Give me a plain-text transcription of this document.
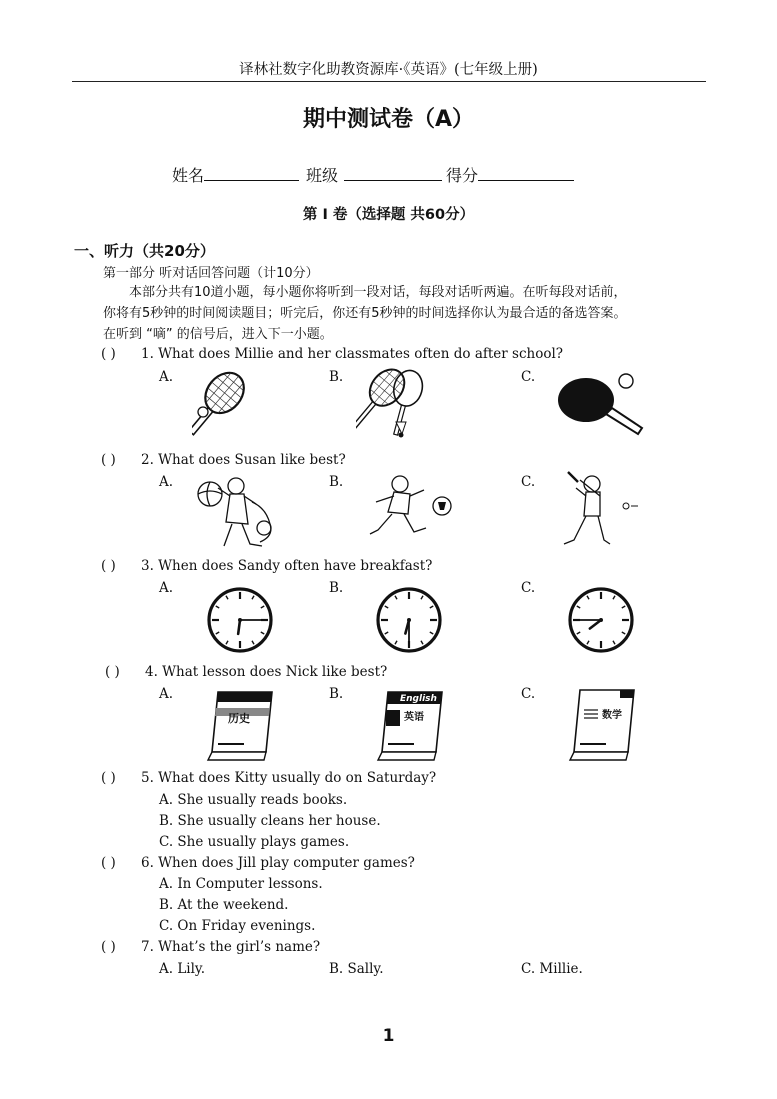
译林社数字化助教资源库·《英语》(七年级上册)
期中测试卷（A）
姓名	班级	得分
第 I 卷（选择题 共60分）
一、听力（共20分）
第一部分 听对话回答问题（计10分）
本部分共有10道小题，每小题你将听到一段对话，每段对话听两遍。在听每段对话前，
你将有5秒钟的时间阅读题目；听完后，你还有5秒钟的时间选择你认为最合适的备选答案。
在听到 “嘀” 的信号后，进入下一小题。
( ) 1. What does Millie and her classmates often do after school?
A.	B.	C.
( ) 2. What does Susan like best?
A.	B.	C.
( ) 3. When does Sandy often have breakfast?
A.	B.	C.
( ) 4. What lesson does Nick like best?
A.	B.	C.
历史
English
英语	数学
( ) 5. What does Kitty usually do on Saturday?
A. She usually reads books.
B. She usually cleans her house.
C. She usually plays games.
( ) 6. When does Jill play computer games?
A. In Computer lessons.
B. At the weekend.
C. On Friday evenings.
( ) 7. What’s the girl’s name?
A. Lily.	B. Sally.	C. Millie.
1
